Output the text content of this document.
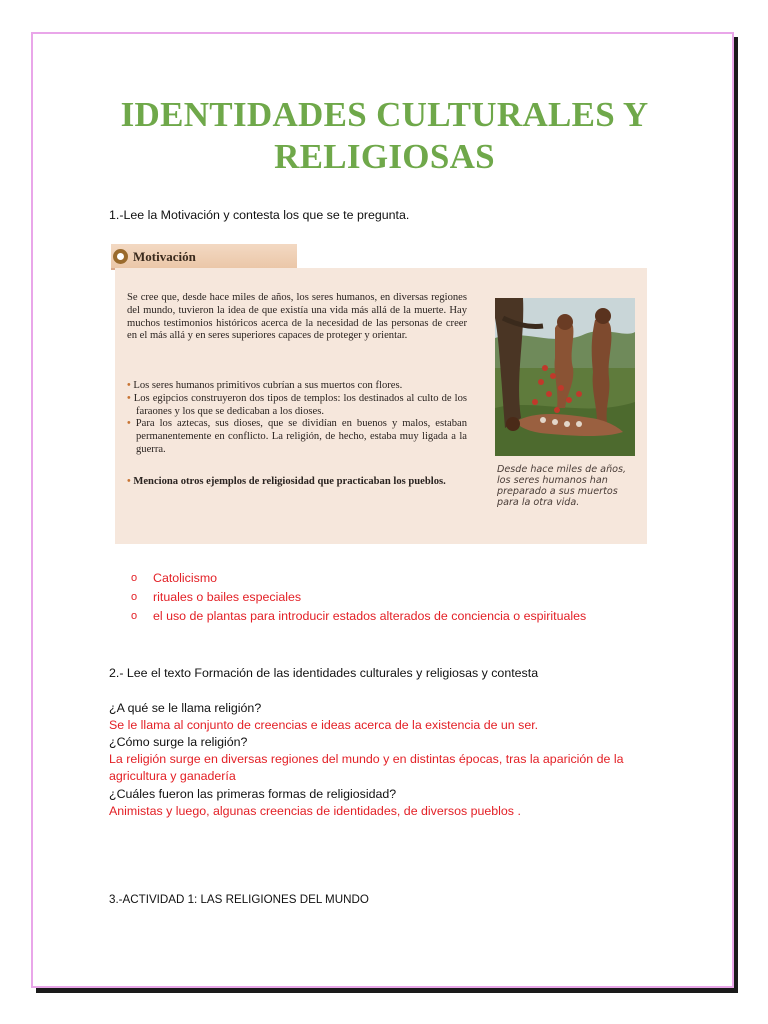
IDENTIDADES CULTURALES Y
RELIGIOSAS
1.-Lee la Motivación y contesta los que se te pregunta.
Motivación

Se cree que, desde hace miles de años, los seres humanos, en diversas regiones del mundo, tuvieron la idea de que existía una vida más allá de la muerte. Hay muchos testimonios históricos acerca de la necesidad de las personas de creer en el más allá y en seres superiores capaces de proteger y orientar.

• Los seres humanos primitivos cubrían a sus muertos con flores.
• Los egipcios construyeron dos tipos de templos: los destinados al culto de los faraones y los que se dedicaban a los dioses.
• Para los aztecas, sus dioses, que se dividían en buenos y malos, estaban permanentemente en conflicto. La religión, de hecho, estaba muy ligada a la guerra.

• Menciona otros ejemplos de religiosidad que practicaban los pueblos.

Desde hace miles de años, los seres humanos han preparado a sus muertos para la otra vida.

o Catolicismo
o rituales o bailes especiales
o el uso de plantas para introducir estados alterados de conciencia o espirituales
2.- Lee el texto Formación de las identidades culturales y religiosas y contesta
¿A qué se le llama religión?
Se le llama al conjunto de creencias e ideas acerca de la existencia de un ser.
¿Cómo surge la religión?
La religión surge en diversas regiones del mundo y en distintas épocas, tras la aparición de la
agricultura y ganadería
¿Cuáles fueron las primeras formas de religiosidad?
Animistas y luego, algunas creencias de identidades, de diversos pueblos .
3.-ACTIVIDAD 1: LAS RELIGIONES DEL MUNDO
